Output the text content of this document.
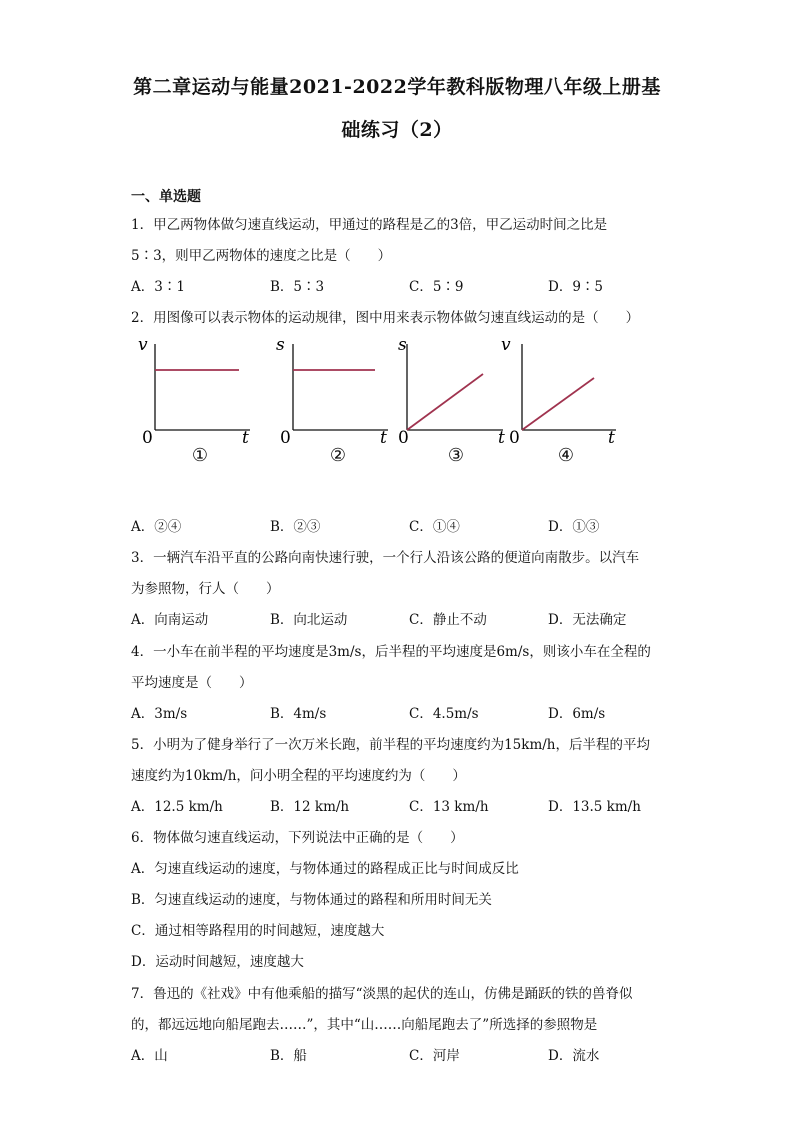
第二章运动与能量2021-2022学年教科版物理八年级上册基
础练习（2）
一、单选题
1．甲乙两物体做匀速直线运动，甲通过的路程是乙的3倍，甲乙运动时间之比是
5∶3，则甲乙两物体的速度之比是（　　）
A．3∶1	B．5∶3	C．5∶9	D．9∶5
2．用图像可以表示物体的运动规律，图中用来表示物体做匀速直线运动的是（　　）
v
0	t
①
s
0	t
②
s
0	t
③
v
0	t
④
A．②④	B．②③	C．①④	D．①③
3．一辆汽车沿平直的公路向南快速行驶，一个行人沿该公路的便道向南散步。以汽车
为参照物，行人（　　）
A．向南运动	B．向北运动	C．静止不动	D．无法确定
4．一小车在前半程的平均速度是3m/s，后半程的平均速度是6m/s，则该小车在全程的
平均速度是（　　）
A．3m/s	B．4m/s	C．4.5m/s	D．6m/s
5．小明为了健身举行了一次万米长跑，前半程的平均速度约为15km/h，后半程的平均
速度约为10km/h，问小明全程的平均速度约为（　　）
A．12.5 km/h	B．12 km/h	C．13 km/h	D．13.5 km/h
6．物体做匀速直线运动，下列说法中正确的是（　　）
A．匀速直线运动的速度，与物体通过的路程成正比与时间成反比
B．匀速直线运动的速度，与物体通过的路程和所用时间无关
C．通过相等路程用的时间越短，速度越大
D．运动时间越短，速度越大
7．鲁迅的《社戏》中有他乘船的描写“淡黑的起伏的连山，仿佛是踊跃的铁的兽脊似
的，都远远地向船尾跑去……”，其中“山……向船尾跑去了”所选择的参照物是
A．山	B．船	C．河岸	D．流水
